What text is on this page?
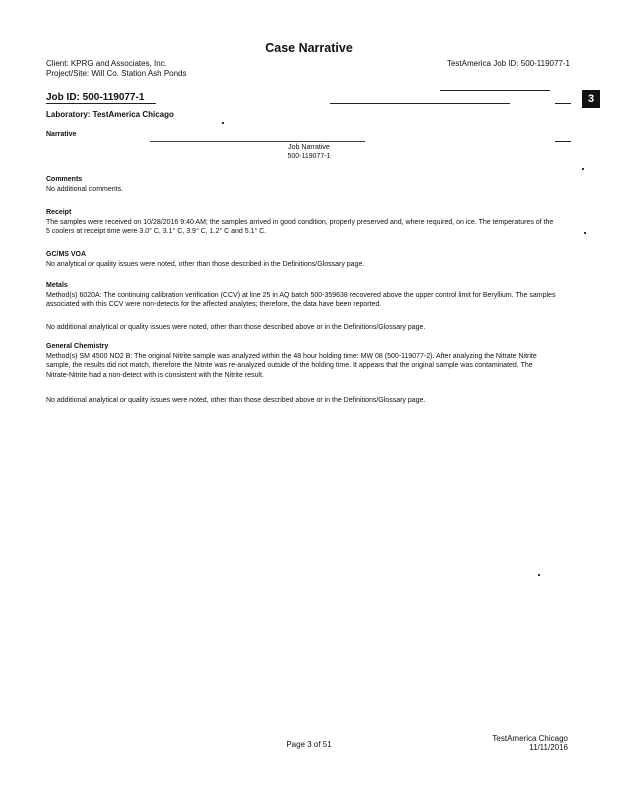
Case Narrative
Client: KPRG and Associates, Inc.
Project/Site: Will Co. Station Ash Ponds
TestAmerica Job ID: 500-119077-1
Job ID: 500-119077-1	3
Laboratory: TestAmerica Chicago
Narrative
Job Narrative
500-119077-1
Comments
No additional comments.
Receipt
The samples were received on 10/28/2016 9:40 AM; the samples arrived in good condition, properly preserved and, where required, on ice. The temperatures of the 5 coolers at receipt time were 3.0° C, 3.1° C, 3.9° C, 1.2° C and 5.1° C.
GC/MS VOA
No analytical or quality issues were noted, other than those described in the Definitions/Glossary page.
Metals
Method(s) 6020A: The continuing calibration verification (CCV) at line 25 in AQ batch 500-359638 recovered above the upper control limit for Beryllium. The samples associated with this CCV were non-detects for the affected analytes; therefore, the data have been reported.
No additional analytical or quality issues were noted, other than those described above or in the Definitions/Glossary page.
General Chemistry
Method(s) SM 4500 NO2 B: The original Nitrite sample was analyzed within the 48 hour holding time: MW 08 (500-119077-2). After analyzing the Nitrate Nitrite sample, the results did not match, therefore the Nitrite was re-analyzed outside of the holding time. It appears that the original sample was contaminated. The Nitrate-Nitrite had a non-detect with is consistent with the Nitrite result.
No additional analytical or quality issues were noted, other than those described above or in the Definitions/Glossary page.
Page 3 of 51
TestAmerica Chicago
11/11/2016
